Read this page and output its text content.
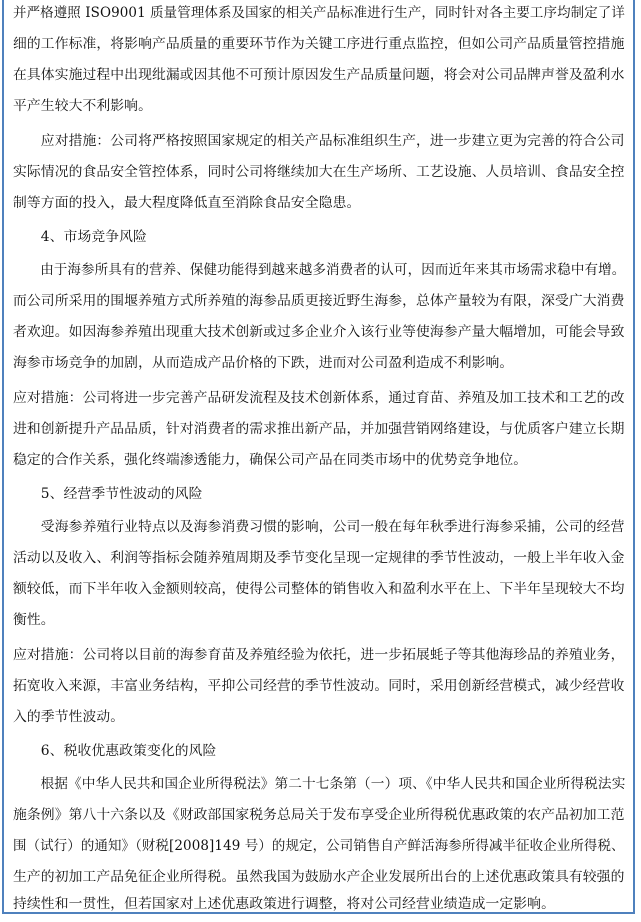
并严格遵照 ISO9001 质量管理体系及国家的相关产品标准进行生产，同时针对各主要工序均制定了详
细的工作标准，将影响产品质量的重要环节作为关键工序进行重点监控，但如公司产品质量管控措施
在具体实施过程中出现纰漏或因其他不可预计原因发生产品质量问题，将会对公司品牌声誉及盈利水
平产生较大不利影响。
　　应对措施：公司将严格按照国家规定的相关产品标准组织生产，进一步建立更为完善的符合公司
实际情况的食品安全管控体系，同时公司将继续加大在生产场所、工艺设施、人员培训、食品安全控
制等方面的投入，最大程度降低直至消除食品安全隐患。
　　4、市场竞争风险
　　由于海参所具有的营养、保健功能得到越来越多消费者的认可，因而近年来其市场需求稳中有增。
而公司所采用的围堰养殖方式所养殖的海参品质更接近野生海参，总体产量较为有限，深受广大消费
者欢迎。如因海参养殖出现重大技术创新或过多企业介入该行业等使海参产量大幅增加，可能会导致
海参市场竞争的加剧，从而造成产品价格的下跌，进而对公司盈利造成不利影响。
应对措施：公司将进一步完善产品研发流程及技术创新体系，通过育苗、养殖及加工技术和工艺的改
进和创新提升产品品质，针对消费者的需求推出新产品，并加强营销网络建设，与优质客户建立长期
稳定的合作关系，强化终端渗透能力，确保公司产品在同类市场中的优势竞争地位。
　　5、经营季节性波动的风险
　　受海参养殖行业特点以及海参消费习惯的影响，公司一般在每年秋季进行海参采捕，公司的经营
活动以及收入、利润等指标会随养殖周期及季节变化呈现一定规律的季节性波动，一般上半年收入金
额较低，而下半年收入金额则较高，使得公司整体的销售收入和盈利水平在上、下半年呈现较大不均
衡性。
应对措施：公司将以目前的海参育苗及养殖经验为依托，进一步拓展蚝子等其他海珍品的养殖业务，
拓宽收入来源，丰富业务结构，平抑公司经营的季节性波动。同时，采用创新经营模式，减少经营收
入的季节性波动。
　　6、税收优惠政策变化的风险
　　根据《中华人民共和国企业所得税法》第二十七条第（一）项、《中华人民共和国企业所得税法实
施条例》第八十六条以及《财政部国家税务总局关于发布享受企业所得税优惠政策的农产品初加工范
围（试行）的通知》（财税[2008]149 号）的规定，公司销售自产鲜活海参所得减半征收企业所得税、
生产的初加工产品免征企业所得税。虽然我国为鼓励水产企业发展所出台的上述优惠政策具有较强的
持续性和一贯性，但若国家对上述优惠政策进行调整，将对公司经营业绩造成一定影响。
